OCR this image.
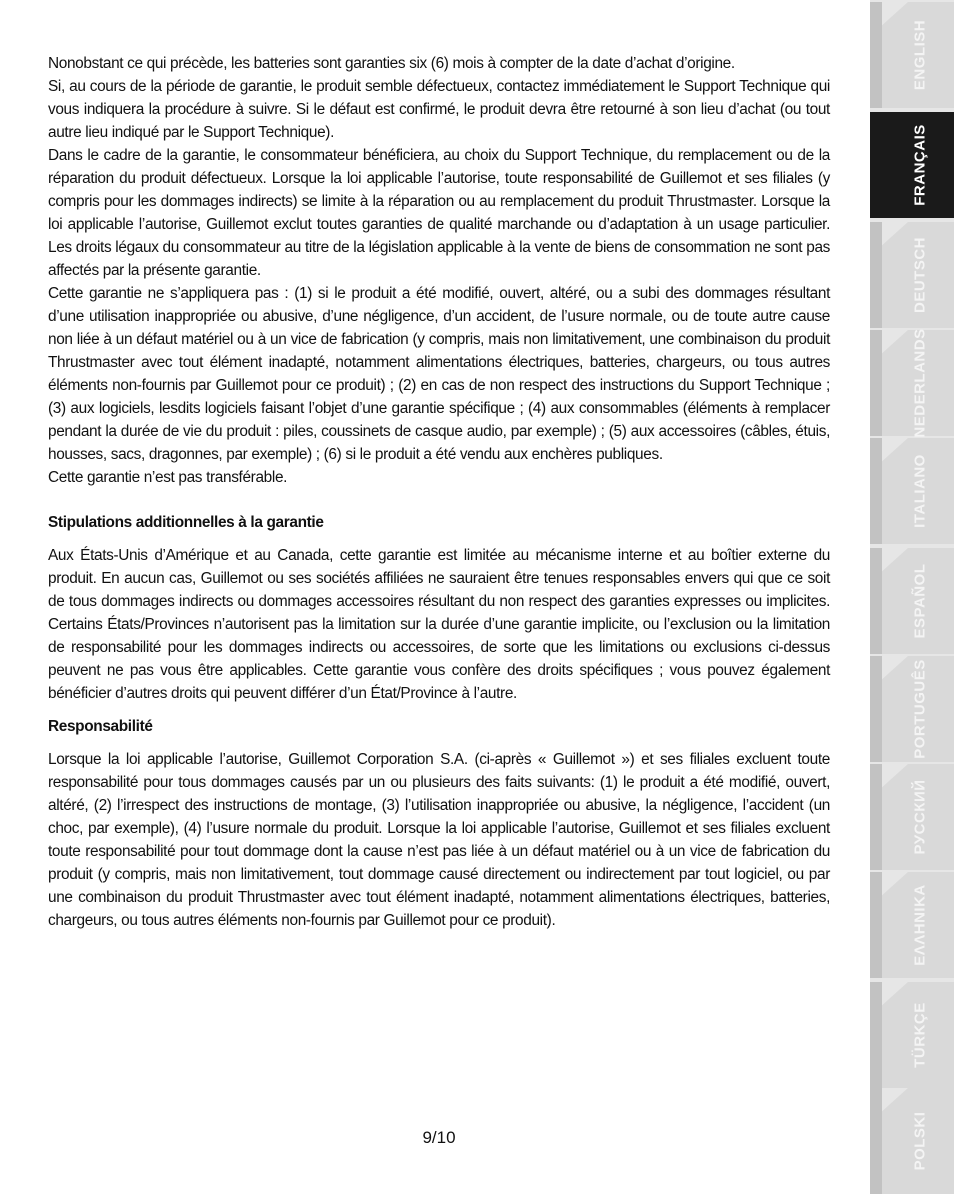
Nonobstant ce qui précède, les batteries sont garanties six (6) mois à compter de la date d’achat d’origine.

Si, au cours de la période de garantie, le produit semble défectueux, contactez immédiatement le Support Technique qui vous indiquera la procédure à suivre. Si le défaut est confirmé, le produit devra être retourné à son lieu d’achat (ou tout autre lieu indiqué par le Support Technique).

Dans le cadre de la garantie, le consommateur bénéficiera, au choix du Support Technique, du remplacement ou de la réparation du produit défectueux. Lorsque la loi applicable l’autorise, toute responsabilité de Guillemot et ses filiales (y compris pour les dommages indirects) se limite à la réparation ou au remplacement du produit Thrustmaster. Lorsque la loi applicable l’autorise, Guillemot exclut toutes garanties de qualité marchande ou d’adaptation à un usage particulier. Les droits légaux du consommateur au titre de la législation applicable à la vente de biens de consommation ne sont pas affectés par la présente garantie.

Cette garantie ne s’appliquera pas : (1) si le produit a été modifié, ouvert, altéré, ou a subi des dommages résultant d’une utilisation inappropriée ou abusive, d’une négligence, d’un accident, de l’usure normale, ou de toute autre cause non liée à un défaut matériel ou à un vice de fabrication (y compris, mais non limitativement, une combinaison du produit Thrustmaster avec tout élément inadapté, notamment alimentations électriques, batteries, chargeurs, ou tous autres éléments non-fournis par Guillemot pour ce produit) ; (2) en cas de non respect des instructions du Support Technique ; (3) aux logiciels, lesdits logiciels faisant l’objet d’une garantie spécifique ; (4) aux consommables (éléments à remplacer pendant la durée de vie du produit : piles, coussinets de casque audio, par exemple) ; (5) aux accessoires (câbles, étuis, housses, sacs, dragonnes, par exemple) ; (6) si le produit a été vendu aux enchères publiques.

Cette garantie n’est pas transférable.

Stipulations additionnelles à la garantie

Aux États-Unis d’Amérique et au Canada, cette garantie est limitée au mécanisme interne et au boîtier externe du produit. En aucun cas, Guillemot ou ses sociétés affiliées ne sauraient être tenues responsables envers qui que ce soit de tous dommages indirects ou dommages accessoires résultant du non respect des garanties expresses ou implicites. Certains États/Provinces n’autorisent pas la limitation sur la durée d’une garantie implicite, ou l’exclusion ou la limitation de responsabilité pour les dommages indirects ou accessoires, de sorte que les limitations ou exclusions ci-dessus peuvent ne pas vous être applicables. Cette garantie vous confère des droits spécifiques ; vous pouvez également bénéficier d’autres droits qui peuvent différer d’un État/Province à l’autre.

Responsabilité

Lorsque la loi applicable l’autorise, Guillemot Corporation S.A. (ci-après « Guillemot ») et ses filiales excluent toute responsabilité pour tous dommages causés par un ou plusieurs des faits suivants: (1) le produit a été modifié, ouvert, altéré, (2) l’irrespect des instructions de montage, (3) l’utilisation inappropriée ou abusive, la négligence, l’accident (un choc, par exemple), (4) l’usure normale du produit. Lorsque la loi applicable l’autorise, Guillemot et ses filiales excluent toute responsabilité pour tout dommage dont la cause n’est pas liée à un défaut matériel ou à un vice de fabrication du produit (y compris, mais non limitativement, tout dommage causé directement ou indirectement par tout logiciel, ou par une combinaison du produit Thrustmaster avec tout élément inadapté, notamment alimentations électriques, batteries, chargeurs, ou tous autres éléments non-fournis par Guillemot pour ce produit).

9/10
ENGLISH
FRANÇAIS
DEUTSCH
NEDERLANDS
ITALIANO
ESPAÑOL
PORTUGUÊS
РУССКИЙ
ΕΛΛΗΝΙΚΑ
TÜRKÇE
POLSKI
